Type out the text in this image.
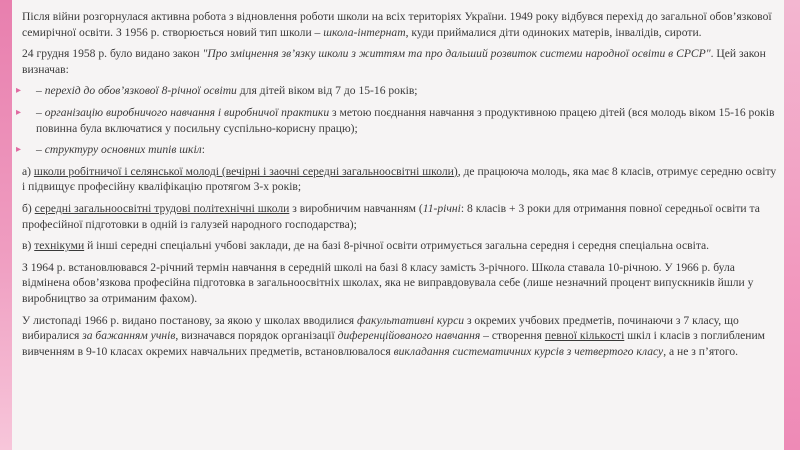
Після війни розгорнулася активна робота з відновлення роботи школи на всіх територіях України. 1949 року відбувся перехід до загальної обов’язкової семирічної освіти. З 1956 р. створюється новий тип школи – школа-інтернат, куди приймалися діти одиноких матерів, інвалідів, сироти.

24 грудня 1958 р. було видано закон "Про зміцнення зв’язку школи з життям та про дальший розвиток системи народної освіти в СРСР". Цей закон визначав:

▸ – перехід до обов’язкової 8-річної освіти для дітей віком від 7 до 15-16 років;

▸ – організацію виробничого навчання і виробничої практики з метою поєднання навчання з продуктивною працею дітей (вся молодь віком 15-16 років повинна була включатися у посильну суспільно-корисну працю);

▸ – структуру основних типів шкіл:

а) школи робітничої і селянської молоді (вечірні і заочні середні загальноосвітні школи), де працююча молодь, яка має 8 класів, отримує середню освіту і підвищує професійну кваліфікацію протягом 3-х років;

б) середні загальноосвітні трудові політехнічні школи з виробничим навчанням (11-річні: 8 класів + 3 роки для отримання повної середньої освіти та професійної підготовки в одній із галузей народного господарства);

в) технікуми й інші середні спеціальні учбові заклади, де на базі 8-річної освіти отримується загальна середня і середня спеціальна освіта.

З 1964 р. встановлювався 2-річний термін навчання в середній школі на базі 8 класу замість 3-річного. Школа ставала 10-річною. У 1966 р. була відмінена обов’язкова професійна підготовка в загальноосвітніх школах, яка не виправдовувала себе (лише незначний процент випускників йшли у виробництво за отриманим фахом).

У листопаді 1966 р. видано постанову, за якою у школах вводилися факультативні курси з окремих учбових предметів, починаючи з 7 класу, що вибиралися за бажанням учнів, визначався порядок організації диференційованого навчання – створення певної кількості шкіл і класів з поглибленим вивченням в 9-10 класах окремих навчальних предметів, встановлювалося викладання систематичних курсів з четвертого класу, а не з п’ятого.
